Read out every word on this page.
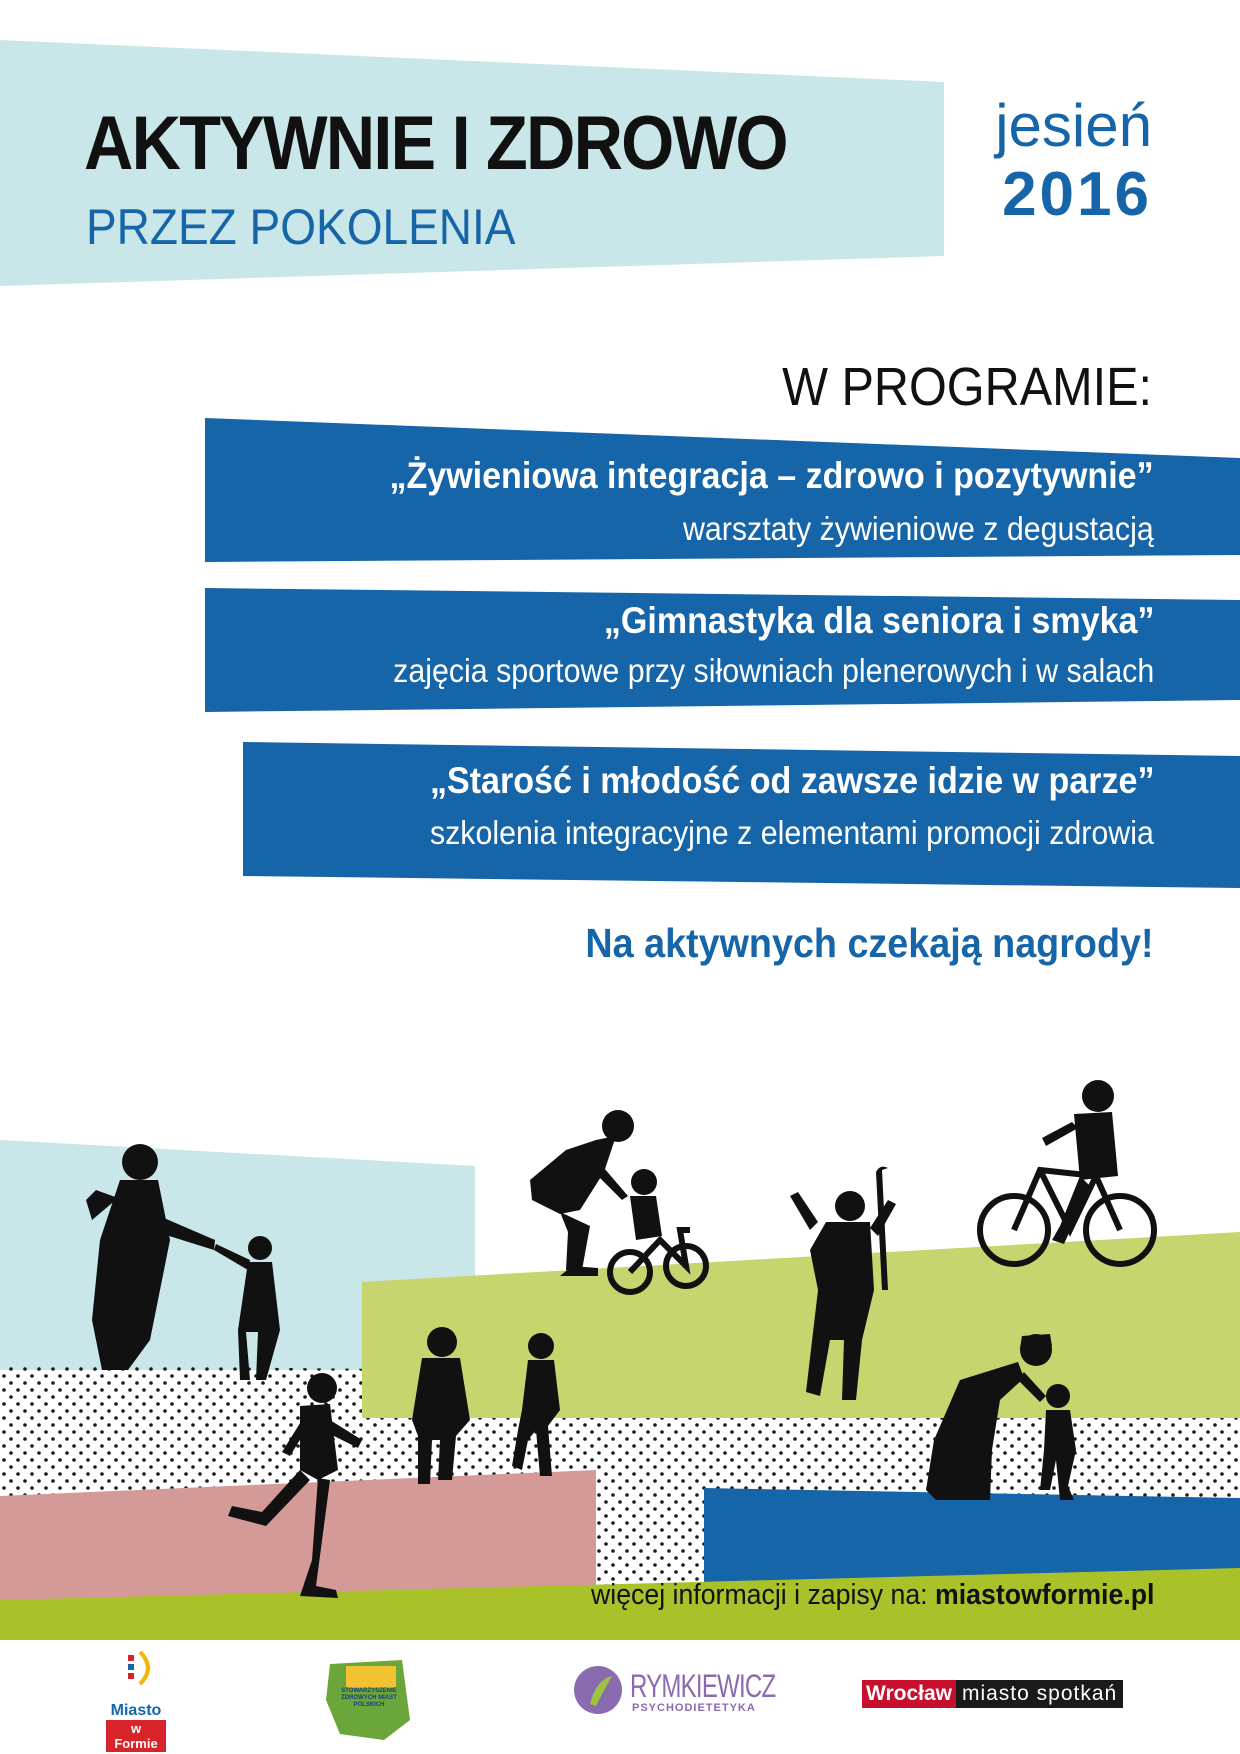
AKTYWNIE I ZDROWO
PRZEZ POKOLENIA
jesień
2016
W PROGRAMIE:
„Żywieniowa integracja – zdrowo i pozytywnie”
warsztaty żywieniowe z degustacją
„Gimnastyka dla seniora i smyka”
zajęcia sportowe przy siłowniach plenerowych i w salach
„Starość i młodość od zawsze idzie w parze”
szkolenia integracyjne z elementami promocji zdrowia
Na aktywnych czekają nagrody!
więcej informacji i zapisy na: miastowformie.pl
Miasto
w Formie
STOWARZYSZENIE ZDROWYCH MIAST POLSKICH
RYMKIEWICZ
PSYCHODIETETYKA
Wrocław miasto spotkań
